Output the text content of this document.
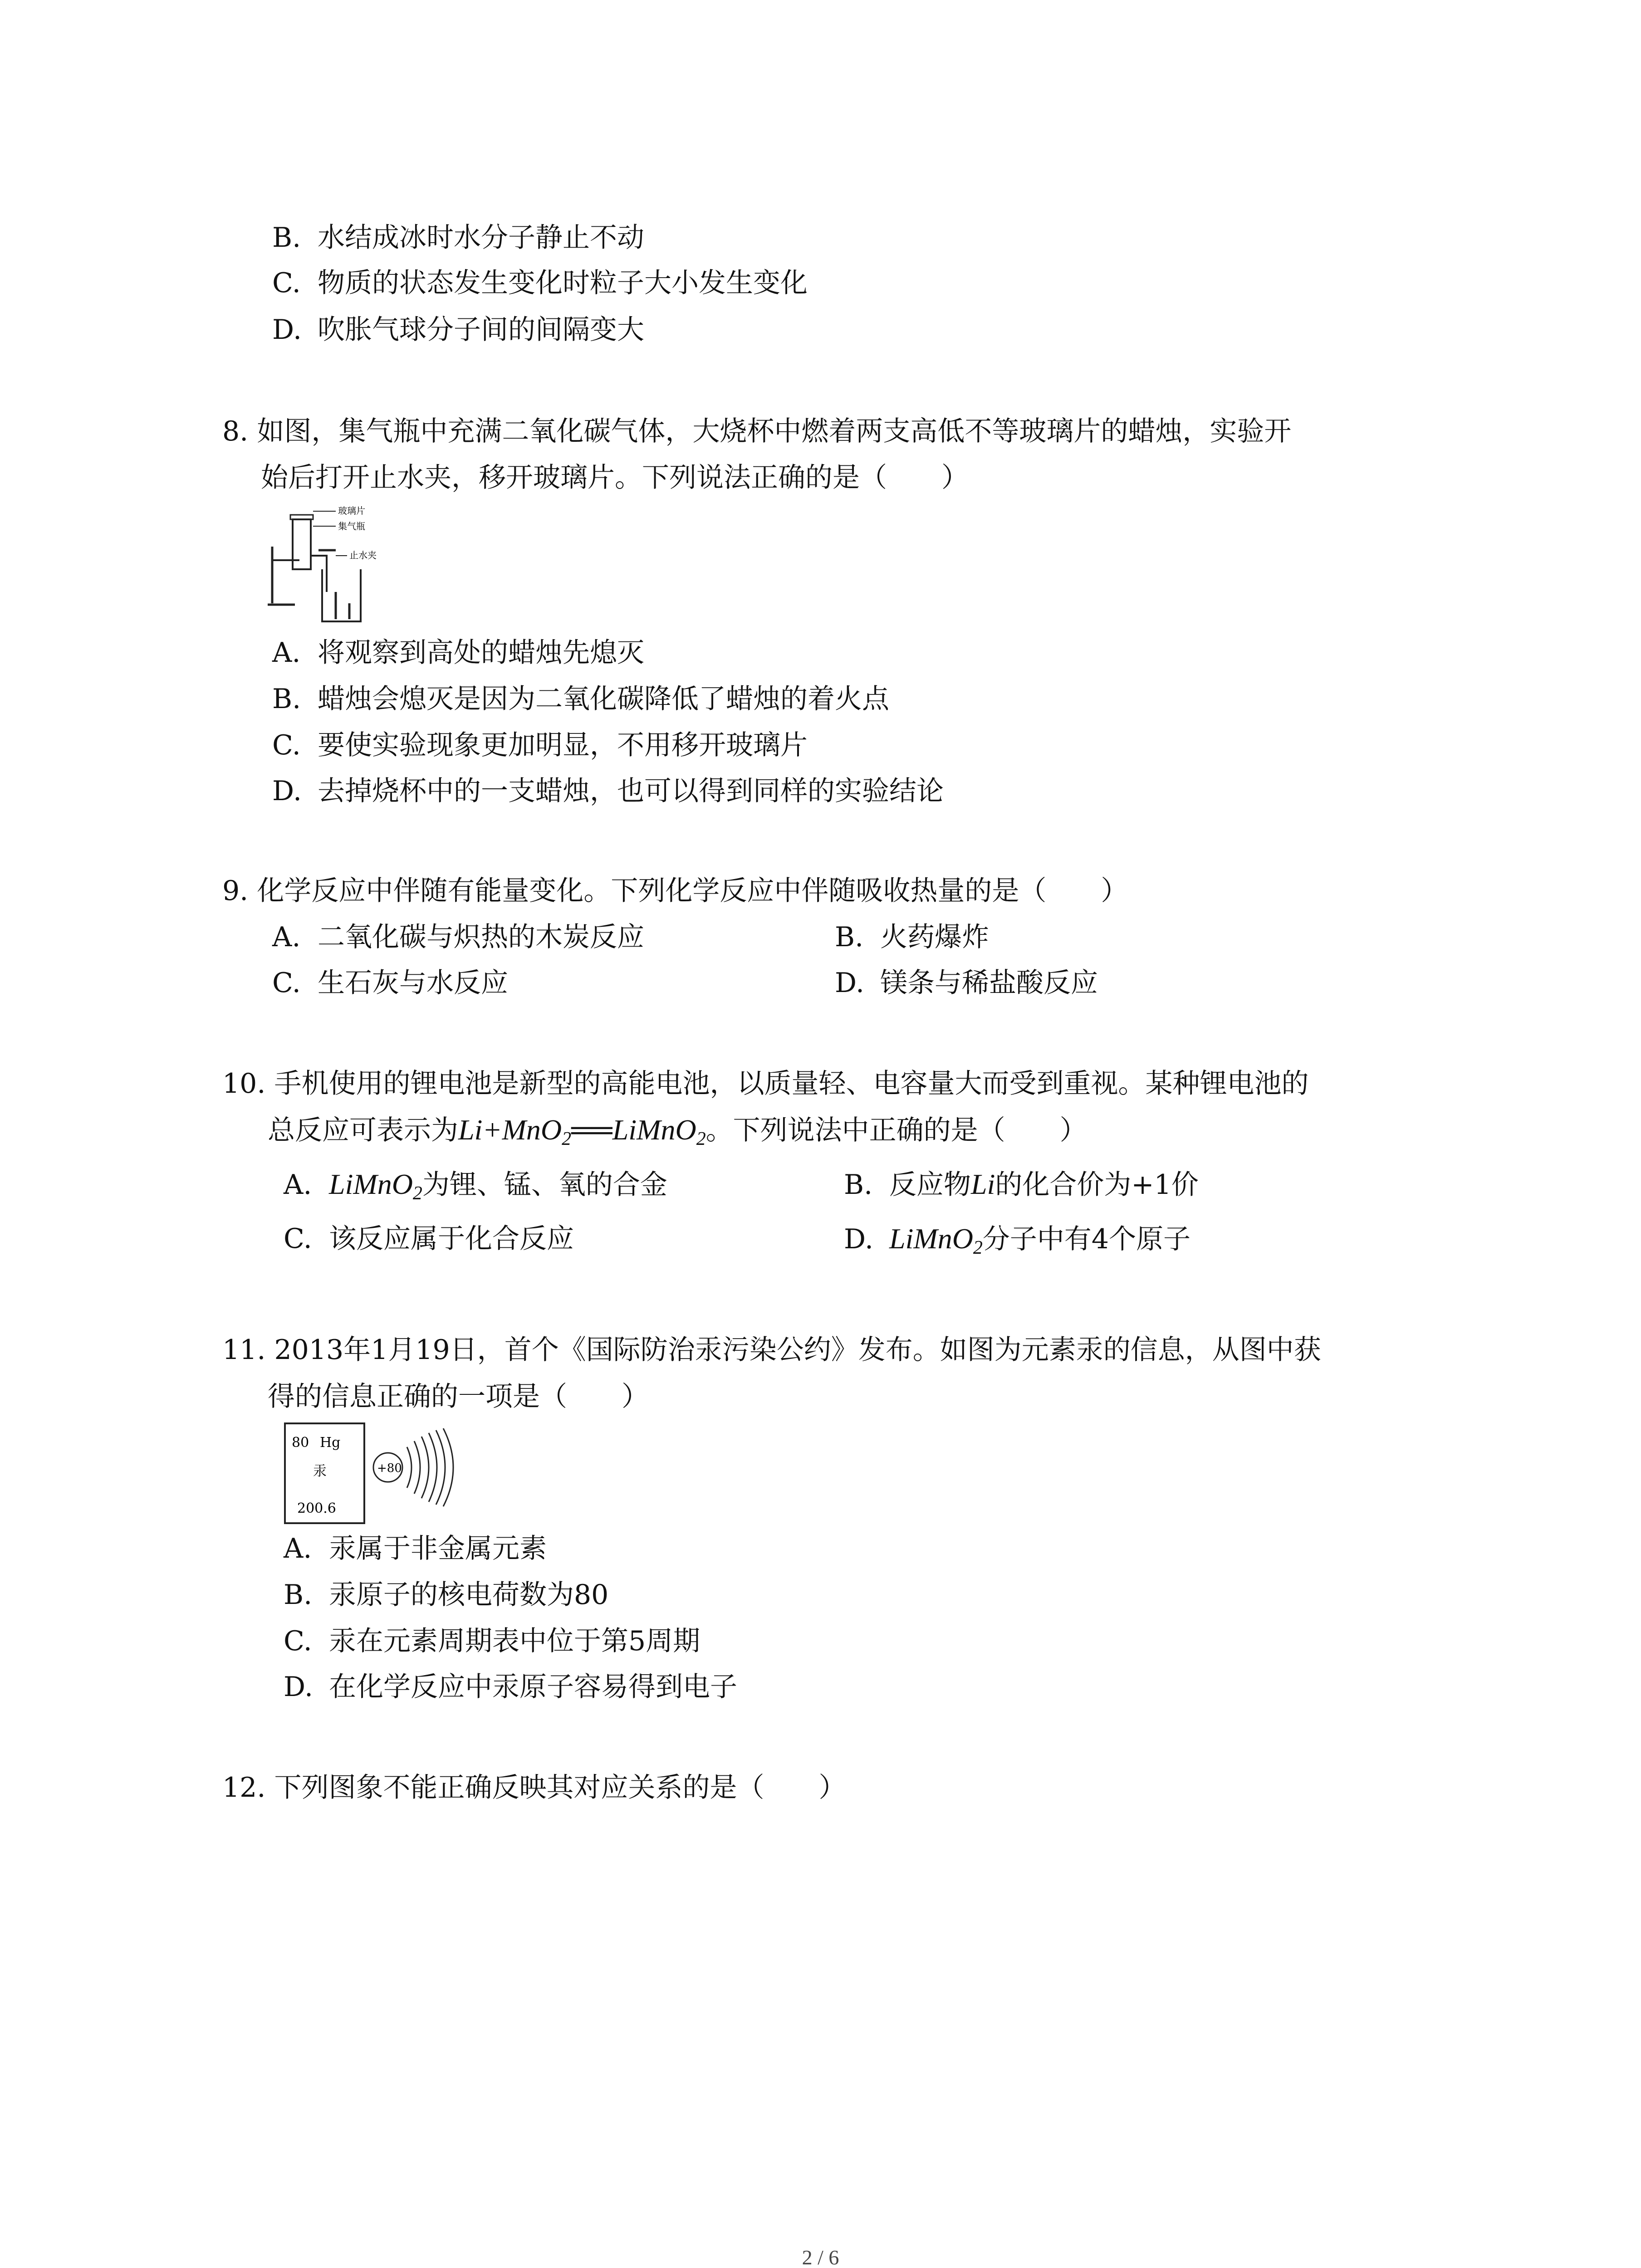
B. 水结成冰时水分子静止不动
C. 物质的状态发生变化时粒子大小发生变化
D. 吹胀气球分子间的间隔变大
8. 如图，集气瓶中充满二氧化碳气体，大烧杯中燃着两支高低不等玻璃片的蜡烛，实验开
始后打开止水夹，移开玻璃片。下列说法正确的是（　　）
玻璃片
集气瓶
止水夹
A. 将观察到高处的蜡烛先熄灭
B. 蜡烛会熄灭是因为二氧化碳降低了蜡烛的着火点
C. 要使实验现象更加明显，不用移开玻璃片
D. 去掉烧杯中的一支蜡烛，也可以得到同样的实验结论
9. 化学反应中伴随有能量变化。下列化学反应中伴随吸收热量的是（　　）
A. 二氧化碳与炽热的木炭反应	B. 火药爆炸
C. 生石灰与水反应	D. 镁条与稀盐酸反应
10. 手机使用的锂电池是新型的高能电池，以质量轻、电容量大而受到重视。某种锂电池的
总反应可表示为Li+MnO$_2$══LiMnO$_2$。下列说法中正确的是（　　）
A. LiMnO$_2$为锂、锰、氧的合金	B. 反应物Li的化合价为+1价
C. 该反应属于化合反应	D. LiMnO$_2$分子中有4个原子
11. 2013年1月19日，首个《国际防治汞污染公约》发布。如图为元素汞的信息，从图中获
得的信息正确的一项是（　　）
80 Hg
汞
200.6
+80
A. 汞属于非金属元素
B. 汞原子的核电荷数为80
C. 汞在元素周期表中位于第5周期
D. 在化学反应中汞原子容易得到电子
12. 下列图象不能正确反映其对应关系的是（　　）
2 / 6
